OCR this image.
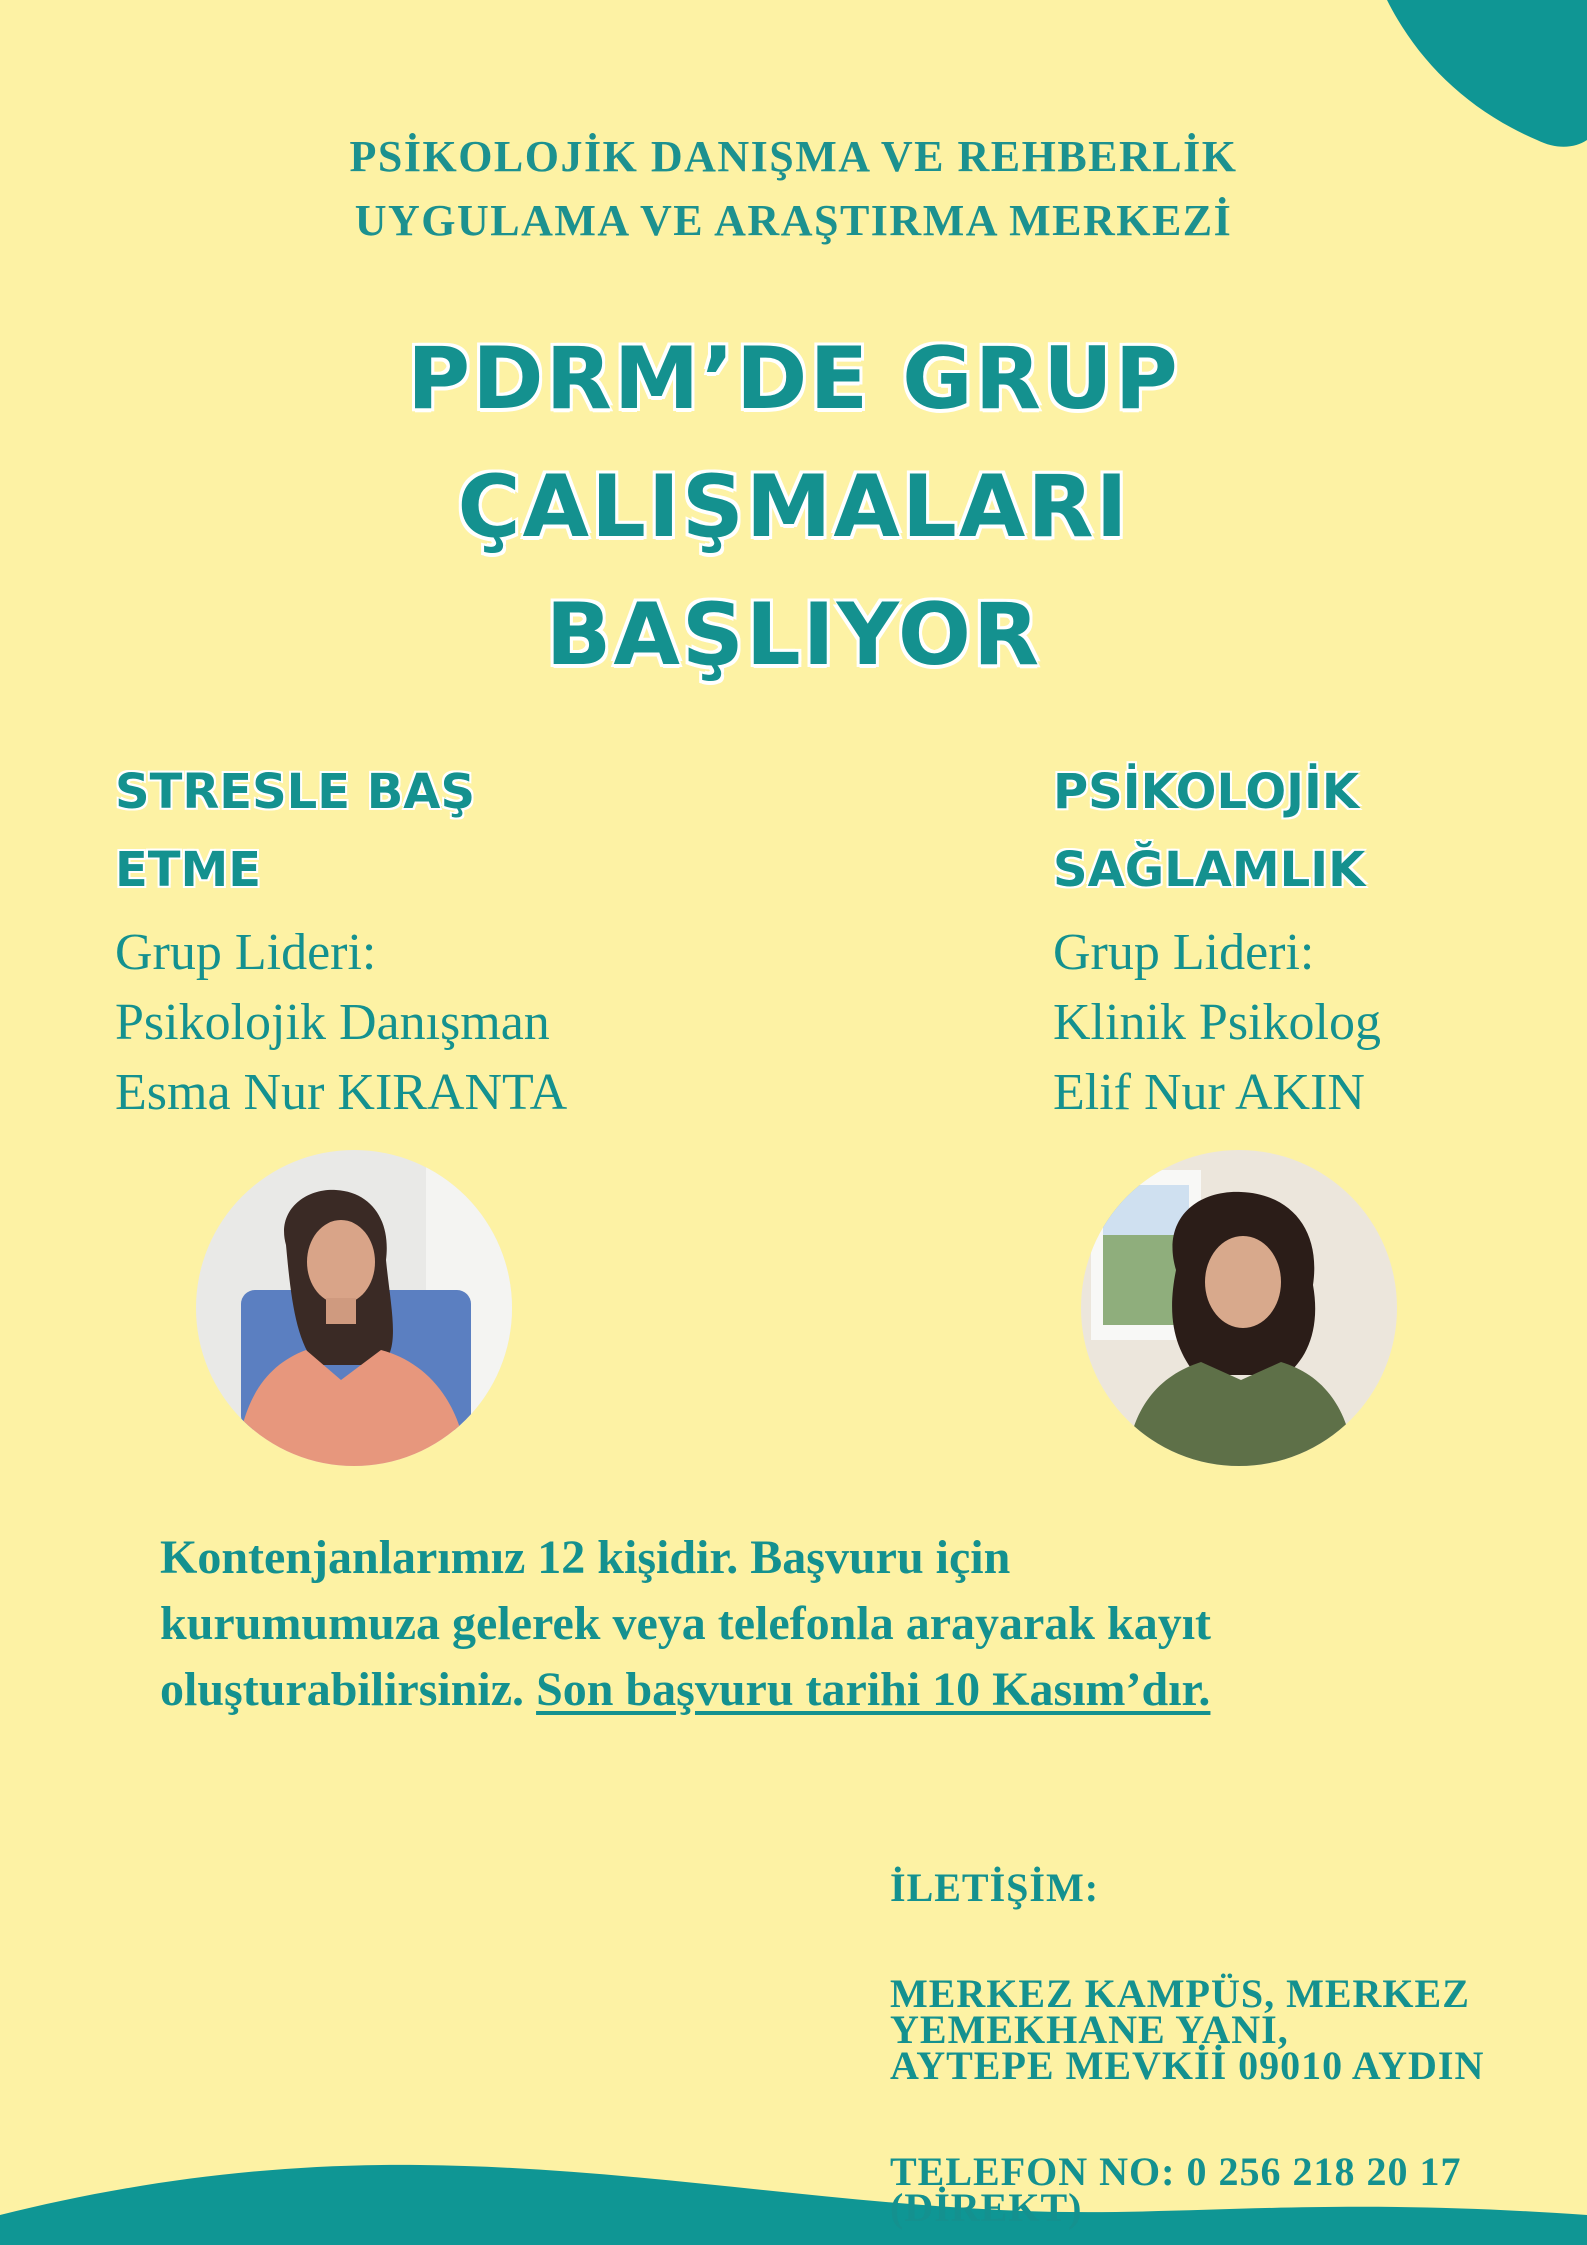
PSİKOLOJİK DANIŞMA VE REHBERLİK
UYGULAMA VE ARAŞTIRMA MERKEZİ
PDRM’DE GRUP
ÇALIŞMALARI
BAŞLIYOR
STRESLE BAŞ
ETME
Grup Lideri:
Psikolojik Danışman
Esma Nur KIRANTA
PSİKOLOJİK
SAĞLAMLIK
Grup Lideri:
Klinik Psikolog
Elif Nur AKIN
Kontenjanlarımız 12 kişidir. Başvuru için
kurumumuza gelerek veya telefonla arayarak kayıt
oluşturabilirsiniz. Son başvuru tarihi 10 Kasım’dır.
İLETİŞİM:
MERKEZ KAMPÜS, MERKEZ
YEMEKHANE YANI,
AYTEPE MEVKİİ 09010 AYDIN
TELEFON NO: 0 256 218 20 17
(DİREKT)
